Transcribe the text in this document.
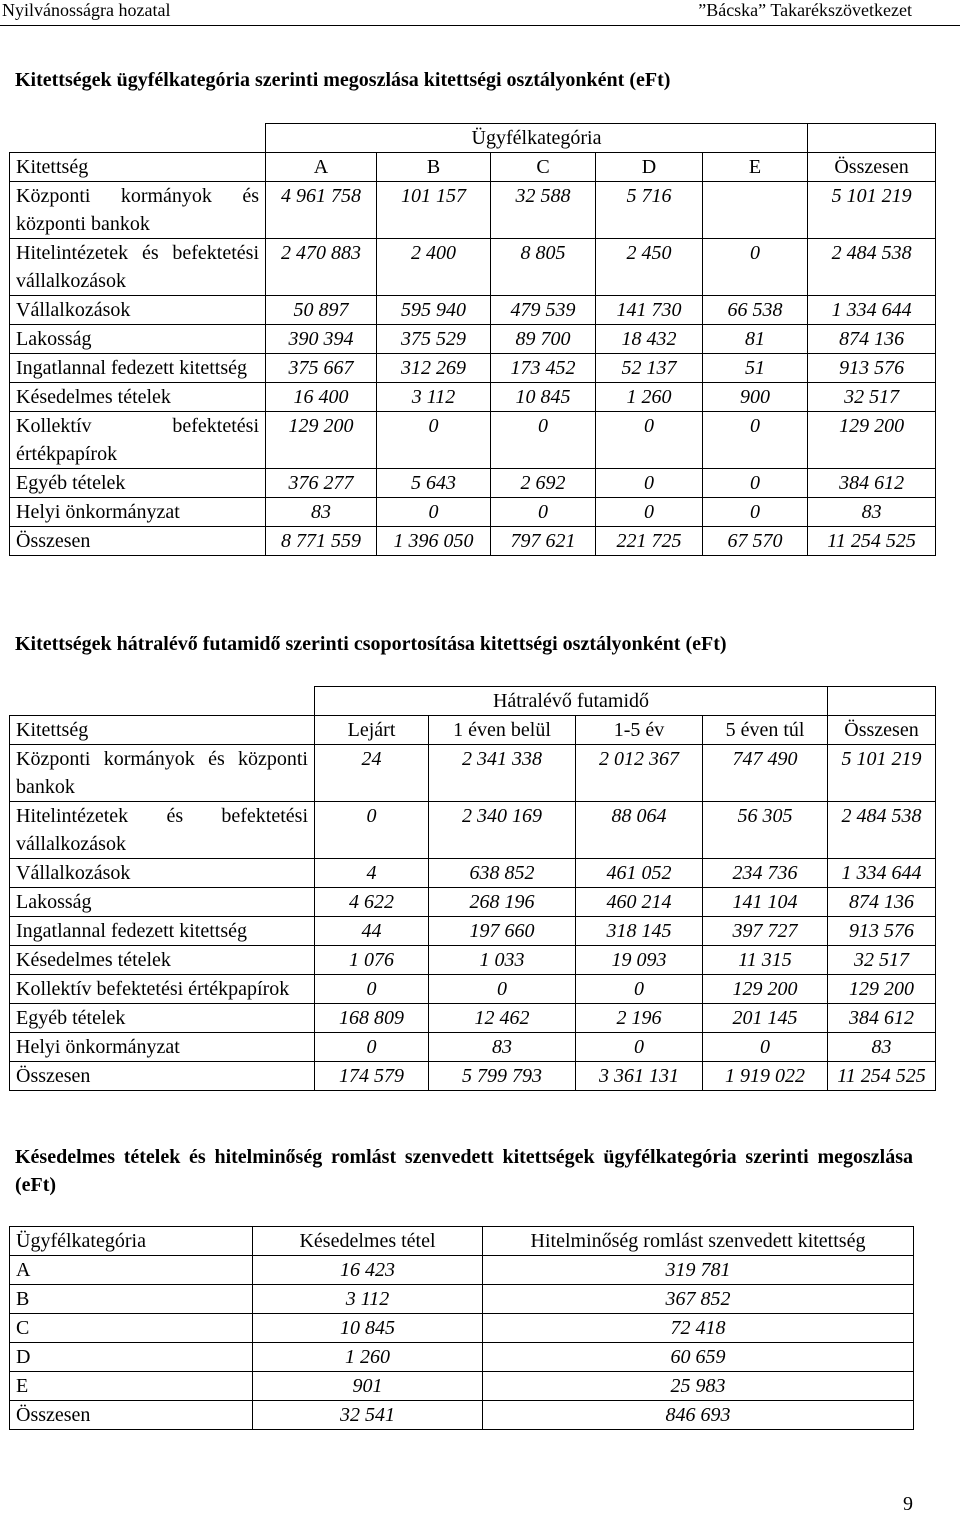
Nyilvánosságra hozatal	”Bácska” Takarékszövetkezet
Kitettségek ügyfélkategória szerinti megoszlása kitettségi osztályonként (eFt)
	Ügyfélkategória					
Kitettség	A	B	C	D	E	Összesen
Központi kormányok és központi bankok	4 961 758	101 157	32 588	5 716		5 101 219
Hitelintézetek és befektetési vállalkozások	2 470 883	2 400	8 805	2 450	0	2 484 538
Vállalkozások	50 897	595 940	479 539	141 730	66 538	1 334 644
Lakosság	390 394	375 529	89 700	18 432	81	874 136
Ingatlannal fedezett kitettség	375 667	312 269	173 452	52 137	51	913 576
Késedelmes tételek	16 400	3 112	10 845	1 260	900	32 517
Kollektív befektetési értékpapírok	129 200	0	0	0	0	129 200
Egyéb tételek	376 277	5 643	2 692	0	0	384 612
Helyi önkormányzat	83	0	0	0	0	83
Összesen	8 771 559	1 396 050	797 621	221 725	67 570	11 254 525
Kitettségek hátralévő futamidő szerinti csoportosítása kitettségi osztályonként (eFt)
	Hátralévő futamidő				
Kitettség	Lejárt	1 éven belül	1-5 év	5 éven túl	Összesen
Központi kormányok és központi bankok	24	2 341 338	2 012 367	747 490	5 101 219
Hitelintézetek és befektetési vállalkozások	0	2 340 169	88 064	56 305	2 484 538
Vállalkozások	4	638 852	461 052	234 736	1 334 644
Lakosság	4 622	268 196	460 214	141 104	874 136
Ingatlannal fedezett kitettség	44	197 660	318 145	397 727	913 576
Késedelmes tételek	1 076	1 033	19 093	11 315	32 517
Kollektív befektetési értékpapírok	0	0	0	129 200	129 200
Egyéb tételek	168 809	12 462	2 196	201 145	384 612
Helyi önkormányzat	0	83	0	0	83
Összesen	174 579	5 799 793	3 361 131	1 919 022	11 254 525
Késedelmes tételek és hitelminőség romlást szenvedett kitettségek ügyfélkategória szerinti megoszlása (eFt)
Ügyfélkategória	Késedelmes tétel	Hitelminőség romlást szenvedett kitettség
A	16 423	319 781
B	3 112	367 852
C	10 845	72 418
D	1 260	60 659
E	901	25 983
Összesen	32 541	846 693
9
